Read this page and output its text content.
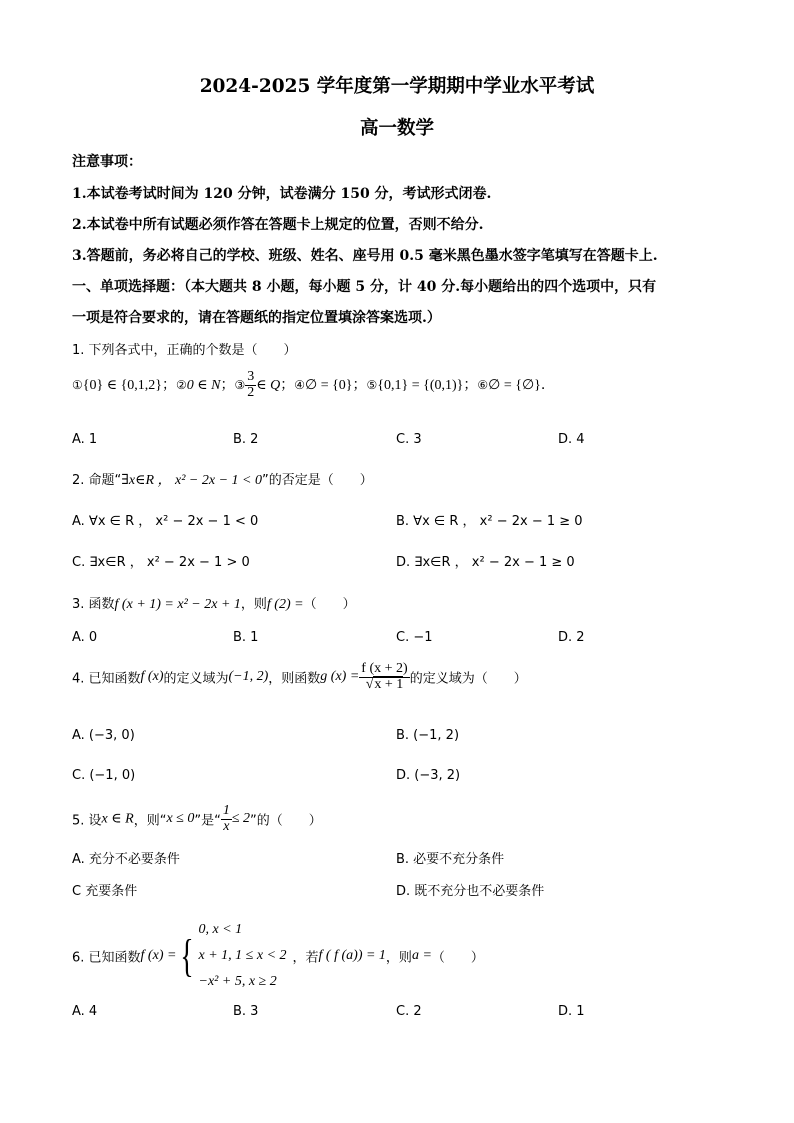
2024-2025 学年度第一学期期中学业水平考试
高一数学
注意事项：
1.本试卷考试时间为 120 分钟，试卷满分 150 分，考试形式闭卷.
2.本试卷中所有试题必须作答在答题卡上规定的位置，否则不给分.
3.答题前，务必将自己的学校、班级、姓名、座号用 0.5 毫米黑色墨水签字笔填写在答题卡上.
一、单项选择题：（本大题共 8 小题，每小题 5 分，计 40 分.每小题给出的四个选项中，只有
一项是符合要求的，请在答题纸的指定位置填涂答案选项.）
1. 下列各式中，正确的个数是（　　）
①{0} ∈ {0,1,2}；②0 ∈ N；③ $\frac{3}{2}$ ∈ Q；④∅ = {0}；⑤{0,1} = {(0,1)}；⑥∅ = {∅}.
A. 1	B. 2	C. 3	D. 4
2. 命题“∃x∈R ， x² − 2x − 1 < 0”的否定是（　　）
A. ∀x ∈ R ， x² − 2x − 1 < 0	B. ∀x ∈ R ， x² − 2x − 1 ≥ 0
C. ∃x∈R ， x² − 2x − 1 > 0	D. ∃x∈R ， x² − 2x − 1 ≥ 0
3. 函数f (x + 1) = x² − 2x + 1，则f (2) =（　　）
A. 0	B. 1	C. −1	D. 2
4. 已知函数f (x)的定义域为(−1, 2)，则函数g $(x) = \frac{f (x + 2)}{√x + 1}$ 的定义域为（　　）
A. (−3, 0)	B. (−1, 2)
C. (−1, 0)	D. (−3, 2)
5. 设x ∈ R，则“x ≤ 0”是“ $\frac{1}{x} \le 2$”的（　　）
A. 充分不必要条件	B. 必要不充分条件
C 充要条件	D. 既不充分也不必要条件
6. 已知函数f (x) ={
0, x < 1
x + 1, 1 ≤ x < 2
−x² + 5, x ≥ 2
，若f ( f (a)) = 1，则a =（　　）
A. 4	B. 3	C. 2	D. 1
